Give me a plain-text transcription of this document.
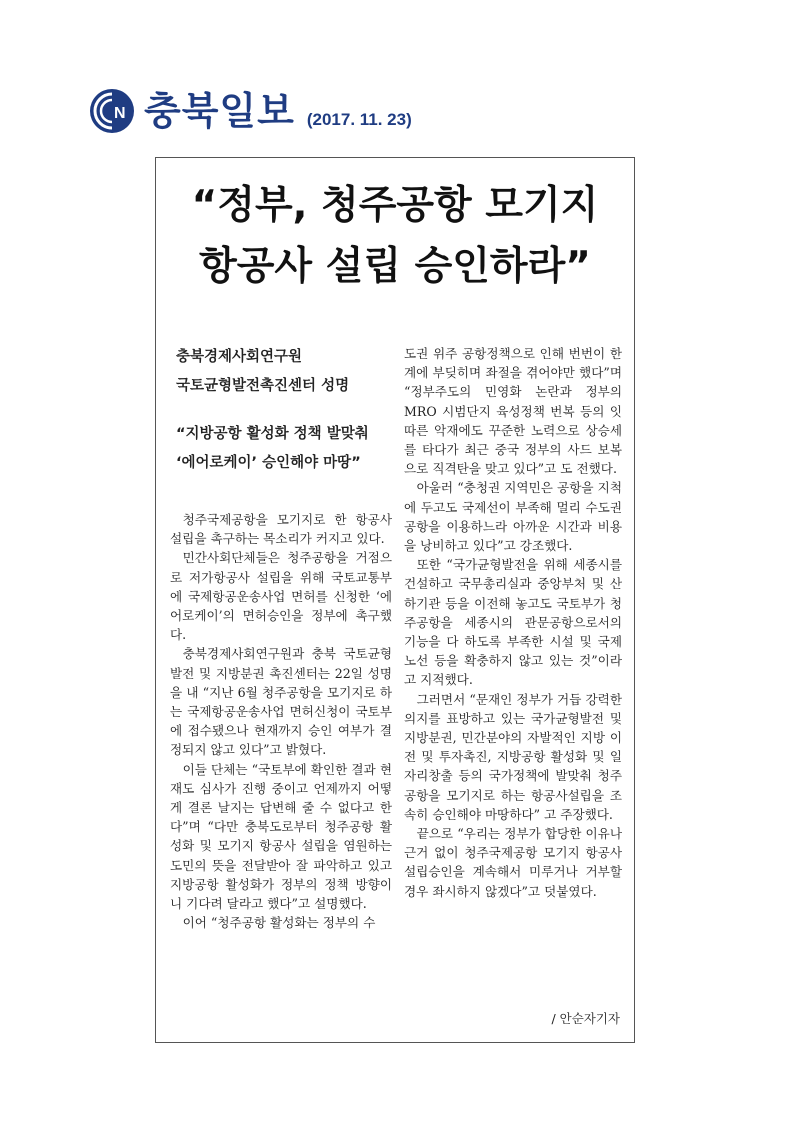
N 충북일보 (2017. 11. 23)
“정부, 청주공항 모기지
항공사 설립 승인하라”
충북경제사회연구원
국토균형발전촉진센터 성명
“지방공항 활성화 정책 발맞춰
‘에어로케이’ 승인해야 마땅”

청주국제공항을 모기지로 한 항공사 설립을 촉구하는 목소리가 커지고 있다.

민간사회단체들은 청주공항을 거점으로 저가항공사 설립을 위해 국토교통부에 국제항공운송사업 면허를 신청한 ‘에어로케이’의 면허승인을 정부에 촉구했다.

충북경제사회연구원과 충북 국토균형발전 및 지방분권 촉진센터는 22일 성명을 내 “지난 6월 청주공항을 모기지로 하는 국제항공운송사업 면허신청이 국토부에 접수됐으나 현재까지 승인 여부가 결정되지 않고 있다”고 밝혔다.

이들 단체는 “국토부에 확인한 결과 현재도 심사가 진행 중이고 언제까지 어떻게 결론 날지는 답변해 줄 수 없다고 한다”며 “다만 충북도로부터 청주공항 활성화 및 모기지 항공사 설립을 염원하는 도민의 뜻을 전달받아 잘 파악하고 있고 지방공항 활성화가 정부의 정책 방향이니 기다려 달라고 했다”고 설명했다.

이어 “청주공항 활성화는 정부의 수

도권 위주 공항정책으로 인해 번번이 한계에 부딪히며 좌절을 겪어야만 했다”며 “정부주도의 민영화 논란과 정부의 MRO 시범단지 육성정책 번복 등의 잇따른 악재에도 꾸준한 노력으로 상승세를 타다가 최근 중국 정부의 사드 보복으로 직격탄을 맞고 있다”고 도 전했다.

아울러 “충청권 지역민은 공항을 지척에 두고도 국제선이 부족해 멀리 수도권공항을 이용하느라 아까운 시간과 비용을 낭비하고 있다”고 강조했다.

또한 “국가균형발전을 위해 세종시를 건설하고 국무총리실과 중앙부처 및 산하기관 등을 이전해 놓고도 국토부가 청주공항을 세종시의 관문공항으로서의 기능을 다 하도록 부족한 시설 및 국제노선 등을 확충하지 않고 있는 것”이라고 지적했다.

그러면서 “문재인 정부가 거듭 강력한 의지를 표방하고 있는 국가균형발전 및 지방분권, 민간분야의 자발적인 지방 이전 및 투자촉진, 지방공항 활성화 및 일자리창출 등의 국가정책에 발맞춰 청주공항을 모기지로 하는 항공사설립을 조속히 승인해야 마땅하다” 고 주장했다.

끝으로 “우리는 정부가 합당한 이유나 근거 없이 청주국제공항 모기지 항공사 설립승인을 계속해서 미루거나 거부할 경우 좌시하지 않겠다”고 덧붙였다.

/ 안순자기자
